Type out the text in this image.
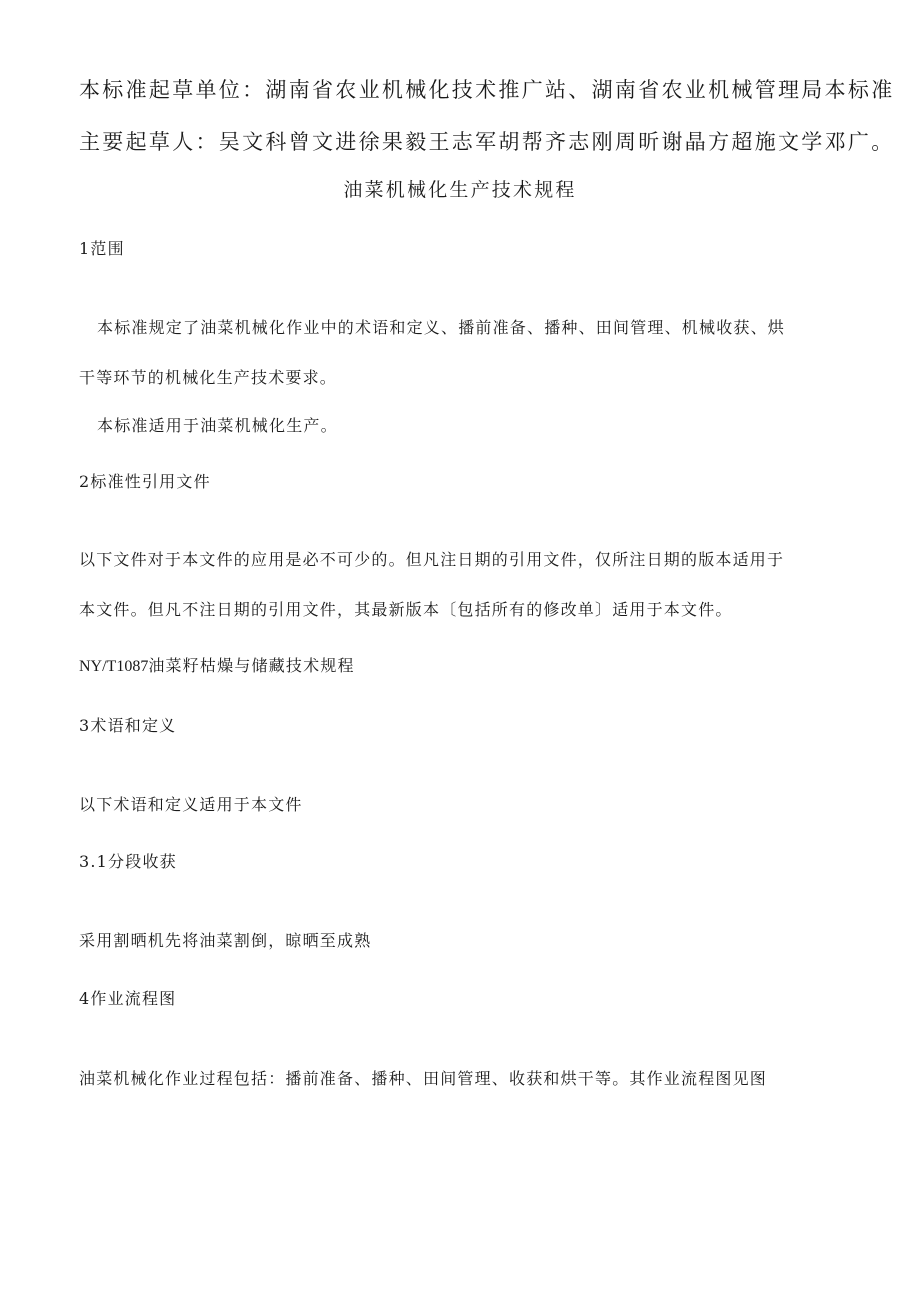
本标准起草单位：湖南省农业机械化技术推广站、湖南省农业机械管理局本标准

主要起草人：吴文科曾文进徐果毅王志军胡帮齐志刚周昕谢晶方超施文学邓广。

油菜机械化生产技术规程
1范围

本标准规定了油菜机械化作业中的术语和定义、播前准备、播种、田间管理、机械收获、烘

干等环节的机械化生产技术要求。

本标准适用于油菜机械化生产。

2标准性引用文件

以下文件对于本文件的应用是必不可少的。但凡注日期的引用文件，仅所注日期的版本适用于

本文件。但凡不注日期的引用文件，其最新版本〔包括所有的修改单〕适用于本文件。

NY/T1087油菜籽枯燥与储藏技术规程

3术语和定义

以下术语和定义适用于本文件

3.1分段收获

采用割晒机先将油菜割倒，晾晒至成熟

4作业流程图

油菜机械化作业过程包括：播前准备、播种、田间管理、收获和烘干等。其作业流程图见图
